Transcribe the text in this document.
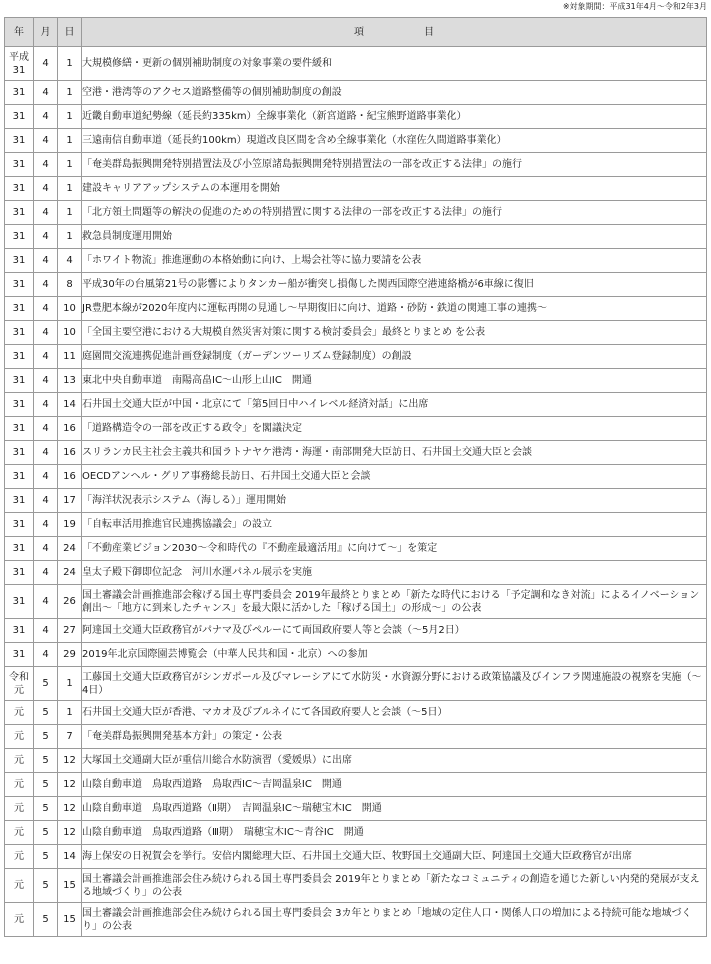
※対象期間：平成31年4月〜令和2年3月
年	月	日	項目
平成31	4	1	大規模修繕・更新の個別補助制度の対象事業の要件緩和
31	4	1	空港・港湾等のアクセス道路整備等の個別補助制度の創設
31	4	1	近畿自動車道紀勢線（延長約335km）全線事業化（新宮道路・紀宝熊野道路事業化）
31	4	1	三遠南信自動車道（延長約100km）現道改良区間を含め全線事業化（水窪佐久間道路事業化）
31	4	1	「奄美群島振興開発特別措置法及び小笠原諸島振興開発特別措置法の一部を改正する法律」の施行
31	4	1	建設キャリアアップシステムの本運用を開始
31	4	1	「北方領土問題等の解決の促進のための特別措置に関する法律の一部を改正する法律」の施行
31	4	1	救急員制度運用開始
31	4	4	「ホワイト物流」推進運動の本格始動に向け、上場会社等に協力要請を公表
31	4	8	平成30年の台風第21号の影響によりタンカー船が衝突し損傷した関西国際空港連絡橋が6車線に復旧
31	4	10	JR豊肥本線が2020年度内に運転再開の見通し〜早期復旧に向け、道路・砂防・鉄道の関連工事の連携〜
31	4	10	「全国主要空港における大規模自然災害対策に関する検討委員会」最終とりまとめ を公表
31	4	11	庭園間交流連携促進計画登録制度（ガーデンツーリズム登録制度）の創設
31	4	13	東北中央自動車道　南陽高畠IC〜山形上山IC　開通
31	4	14	石井国土交通大臣が中国・北京にて「第5回日中ハイレベル経済対話」に出席
31	4	16	「道路構造令の一部を改正する政令」を閣議決定
31	4	16	スリランカ民主社会主義共和国ラトナヤケ港湾・海運・南部開発大臣訪日、石井国土交通大臣と会談
31	4	16	OECDアンヘル・グリア事務総長訪日、石井国土交通大臣と会談
31	4	17	「海洋状況表示システム（海しる）」運用開始
31	4	19	「自転車活用推進官民連携協議会」の設立
31	4	24	「不動産業ビジョン2030〜令和時代の『不動産最適活用』に向けて〜」を策定
31	4	24	皇太子殿下御即位記念　河川水運パネル展示を実施
31	4	26	国土審議会計画推進部会稼げる国土専門委員会 2019年最終とりまとめ「新たな時代における「予定調和なき対流」によるイノベーション創出〜「地方に到来したチャンス」を最大限に活かした「稼げる国土」の形成〜」の公表
31	4	27	阿達国土交通大臣政務官がパナマ及びペルーにて両国政府要人等と会談（〜5月2日）
31	4	29	2019年北京国際園芸博覧会（中華人民共和国・北京）への参加
令和元	5	1	工藤国土交通大臣政務官がシンガポール及びマレーシアにて水防災・水資源分野における政策協議及びインフラ関連施設の視察を実施（〜4日）
元	5	1	石井国土交通大臣が香港、マカオ及びブルネイにて各国政府要人と会談（〜5日）
元	5	7	「奄美群島振興開発基本方針」の策定・公表
元	5	12	大塚国土交通副大臣が重信川総合水防演習（愛媛県）に出席
元	5	12	山陰自動車道　鳥取西道路　鳥取西IC〜吉岡温泉IC　開通
元	5	12	山陰自動車道　鳥取西道路（Ⅱ期）　吉岡温泉IC〜瑞穂宝木IC　開通
元	5	12	山陰自動車道　鳥取西道路（Ⅲ期）　瑞穂宝木IC〜青谷IC　開通
元	5	14	海上保安の日祝賀会を挙行。安倍内閣総理大臣、石井国土交通大臣、牧野国土交通副大臣、阿達国土交通大臣政務官が出席
元	5	15	国土審議会計画推進部会住み続けられる国土専門委員会 2019年とりまとめ「新たなコミュニティの創造を通じた新しい内発的発展が支える地域づくり」の公表
元	5	15	国土審議会計画推進部会住み続けられる国土専門委員会 3カ年とりまとめ「地域の定住人口・関係人口の増加による持続可能な地域づくり」の公表
